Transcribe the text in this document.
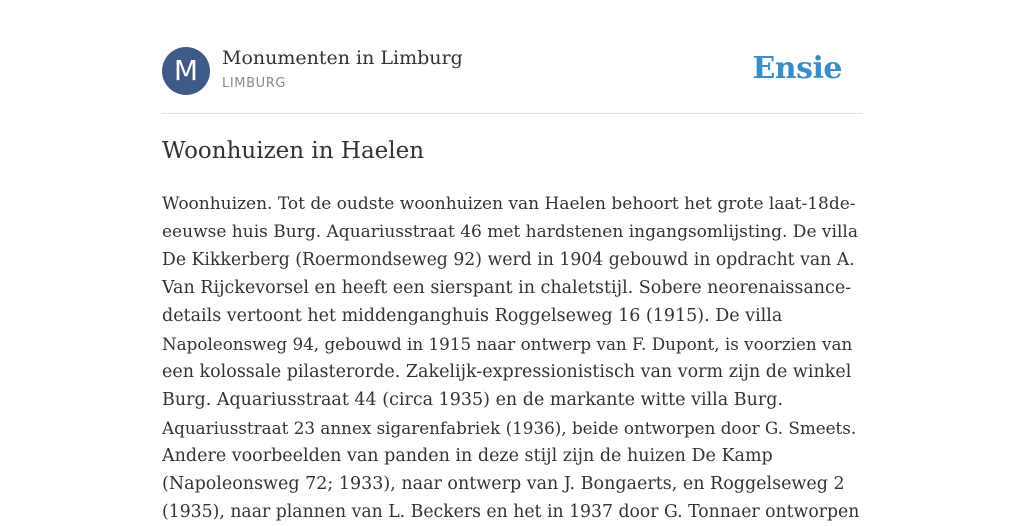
M	Monumenten in Limburg
LIMBURG	Ensie
Woonhuizen in Haelen
Woonhuizen. Tot de oudste woonhuizen van Haelen behoort het grote laat-18de-
eeuwse huis Burg. Aquariusstraat 46 met hardstenen ingangsomlijsting. De villa
De Kikkerberg (Roermondseweg 92) werd in 1904 gebouwd in opdracht van A.
Van Rijckevorsel en heeft een sierspant in chaletstijl. Sobere neorenaissance-
details vertoont het middenganghuis Roggelseweg 16 (1915). De villa
Napoleonsweg 94, gebouwd in 1915 naar ontwerp van F. Dupont, is voorzien van
een kolossale pilasterorde. Zakelijk-expressionistisch van vorm zijn de winkel
Burg. Aquariusstraat 44 (circa 1935) en de markante witte villa Burg.
Aquariusstraat 23 annex sigarenfabriek (1936), beide ontworpen door G. Smeets.
Andere voorbeelden van panden in deze stijl zijn de huizen De Kamp
(Napoleonsweg 72; 1933), naar ontwerp van J. Bongaerts, en Roggelseweg 2
(1935), naar plannen van L. Beckers en het in 1937 door G. Tonnaer ontworpen
